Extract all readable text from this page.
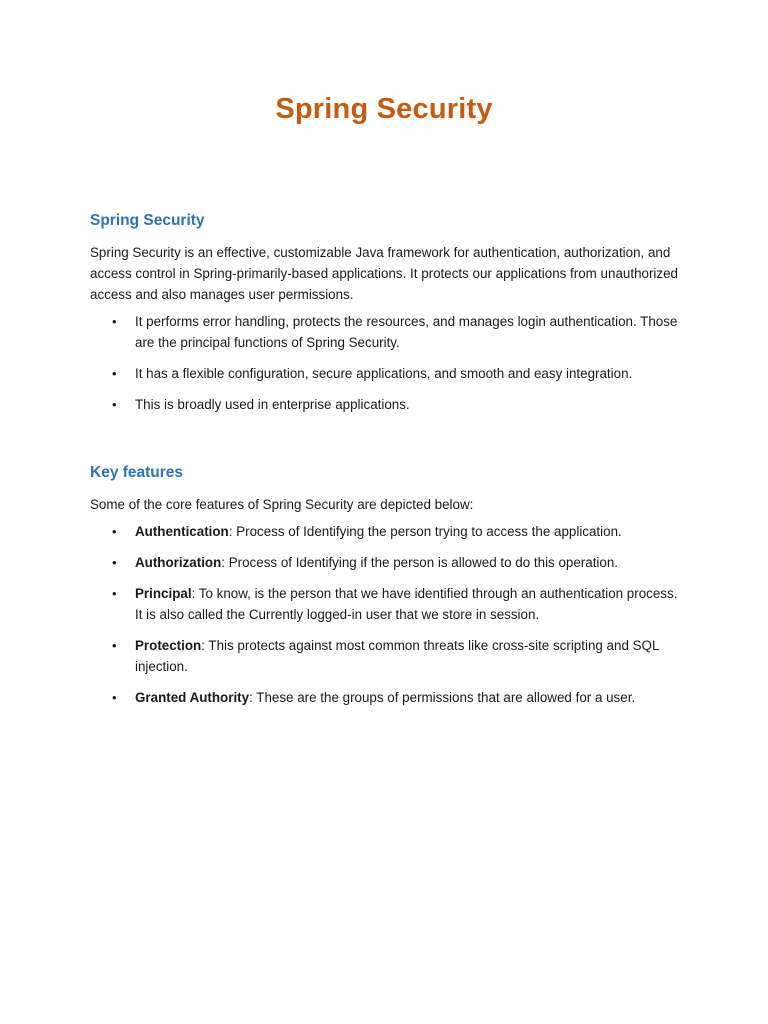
Spring Security
Spring Security

Spring Security is an effective, customizable Java framework for authentication, authorization, and access control in Spring-primarily-based applications. It protects our applications from unauthorized access and also manages user permissions.

• It performs error handling, protects the resources, and manages login authentication. Those are the principal functions of Spring Security.
• It has a flexible configuration, secure applications, and smooth and easy integration.
• This is broadly used in enterprise applications.
Key features

Some of the core features of Spring Security are depicted below:

• Authentication: Process of Identifying the person trying to access the application.
• Authorization: Process of Identifying if the person is allowed to do this operation.
• Principal: To know, is the person that we have identified through an authentication process. It is also called the Currently logged-in user that we store in session.
• Protection: This protects against most common threats like cross-site scripting and SQL injection.
• Granted Authority: These are the groups of permissions that are allowed for a user.
